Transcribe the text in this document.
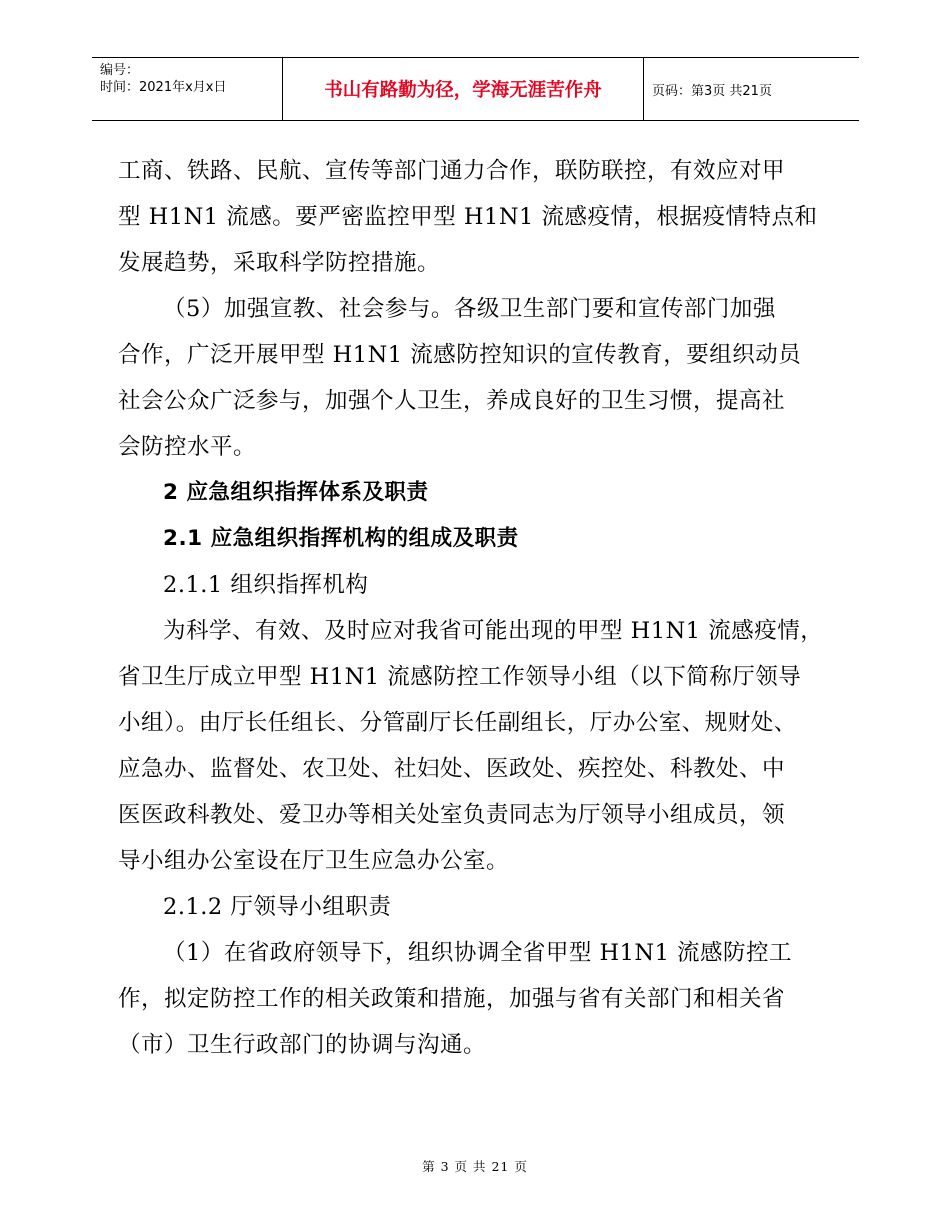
编号：
时间：2021年x月x日	书山有路勤为径，学海无涯苦作舟	页码：第3页 共21页
工商、铁路、民航、宣传等部门通力合作，联防联控，有效应对甲
型 H1N1 流感。要严密监控甲型 H1N1 流感疫情，根据疫情特点和
发展趋势，采取科学防控措施。
（5）加强宣教、社会参与。各级卫生部门要和宣传部门加强
合作，广泛开展甲型 H1N1 流感防控知识的宣传教育，要组织动员
社会公众广泛参与，加强个人卫生，养成良好的卫生习惯，提高社
会防控水平。
2 应急组织指挥体系及职责
2.1 应急组织指挥机构的组成及职责
2.1.1 组织指挥机构
为科学、有效、及时应对我省可能出现的甲型 H1N1 流感疫情，
省卫生厅成立甲型 H1N1 流感防控工作领导小组（以下简称厅领导
小组）。由厅长任组长、分管副厅长任副组长，厅办公室、规财处、
应急办、监督处、农卫处、社妇处、医政处、疾控处、科教处、中
医医政科教处、爱卫办等相关处室负责同志为厅领导小组成员，领
导小组办公室设在厅卫生应急办公室。
2.1.2 厅领导小组职责
（1）在省政府领导下，组织协调全省甲型 H1N1 流感防控工
作，拟定防控工作的相关政策和措施，加强与省有关部门和相关省
（市）卫生行政部门的协调与沟通。
第 3 页 共 21 页
